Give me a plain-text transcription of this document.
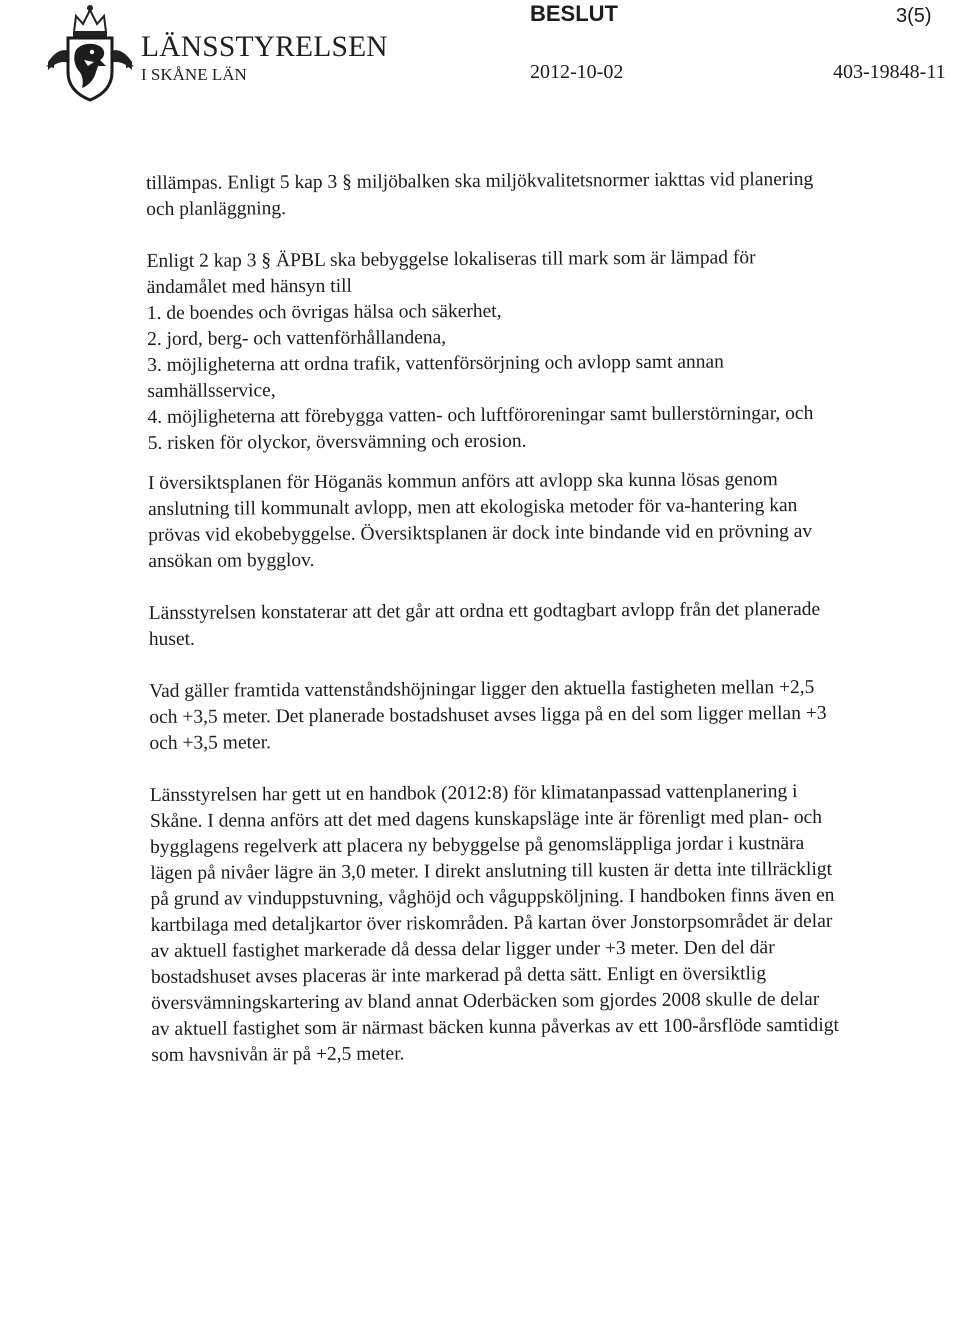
LÄNSSTYRELSEN
I SKÅNE LÄN
BESLUT	3(5)
2012-10-02	403-19848-11

tillämpas. Enligt 5 kap 3 § miljöbalken ska miljökvalitetsnormer iakttas vid planering och planläggning.

Enligt 2 kap 3 § ÄPBL ska bebyggelse lokaliseras till mark som är lämpad för ändamålet med hänsyn till

1. de boendes och övrigas hälsa och säkerhet,

2. jord, berg- och vattenförhållandena,

3. möjligheterna att ordna trafik, vattenförsörjning och avlopp samt annan samhällsservice,

4. möjligheterna att förebygga vatten- och luftföroreningar samt bullerstörningar, och

5. risken för olyckor, översvämning och erosion.

I översiktsplanen för Höganäs kommun anförs att avlopp ska kunna lösas genom anslutning till kommunalt avlopp, men att ekologiska metoder för va-hantering kan prövas vid ekobebyggelse. Översiktsplanen är dock inte bindande vid en prövning av ansökan om bygglov.

Länsstyrelsen konstaterar att det går att ordna ett godtagbart avlopp från det planerade huset.

Vad gäller framtida vattenståndshöjningar ligger den aktuella fastigheten mellan +2,5 och +3,5 meter. Det planerade bostadshuset avses ligga på en del som ligger mellan +3 och +3,5 meter.

Länsstyrelsen har gett ut en handbok (2012:8) för klimatanpassad vattenplanering i Skåne. I denna anförs att det med dagens kunskapsläge inte är förenligt med plan- och bygglagens regelverk att placera ny bebyggelse på genomsläppliga jordar i kustnära lägen på nivåer lägre än 3,0 meter. I direkt anslutning till kusten är detta inte tillräckligt på grund av vinduppstuvning, våghöjd och våguppsköljning. I handboken finns även en kartbilaga med detaljkartor över riskområden. På kartan över Jonstorpsområdet är delar av aktuell fastighet markerade då dessa delar ligger under +3 meter. Den del där bostadshuset avses placeras är inte markerad på detta sätt. Enligt en översiktlig översvämningskartering av bland annat Oderbäcken som gjordes 2008 skulle de delar av aktuell fastighet som är närmast bäcken kunna påverkas av ett 100-årsflöde samtidigt som havsnivån är på +2,5 meter.
